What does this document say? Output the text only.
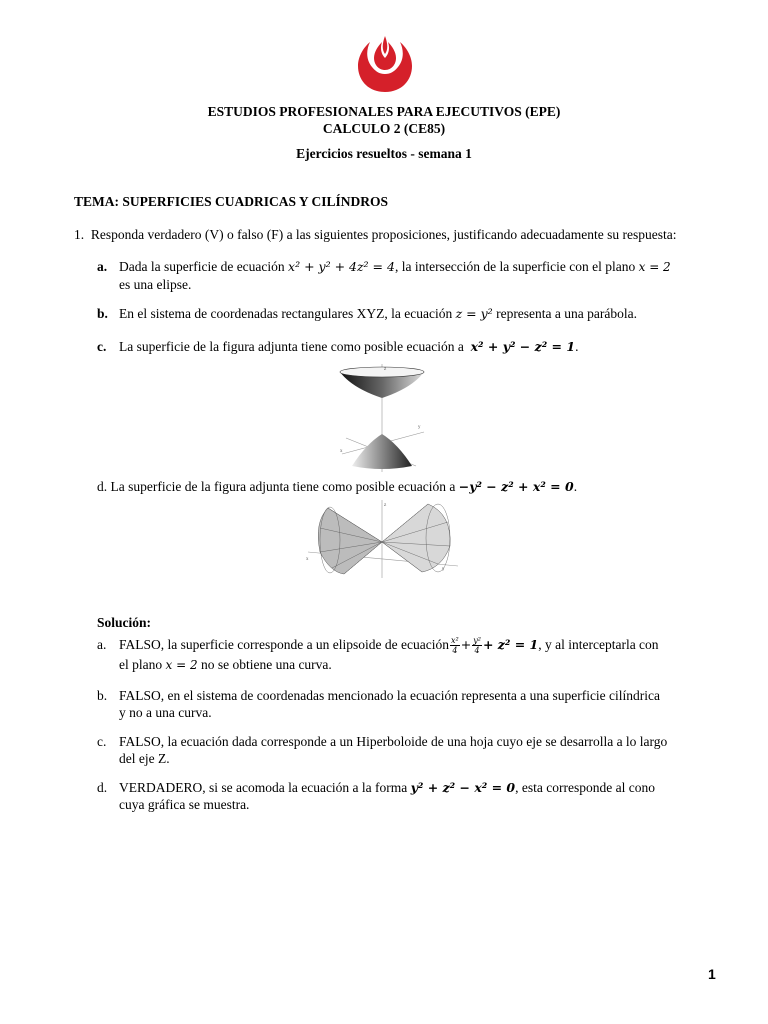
ESTUDIOS PROFESIONALES PARA EJECUTIVOS (EPE)
CALCULO 2 (CE85)
Ejercicios resueltos - semana 1
TEMA: SUPERFICIES CUADRICAS Y CILÍNDROS
1. Responda verdadero (V) o falso (F) a las siguientes proposiciones, justificando adecuadamente su respuesta:
a. Dada la superficie de ecuación x² + y² + 4z² = 4, la intersección de la superficie con el plano x = 2
es una elipse.
b. En el sistema de coordenadas rectangulares XYZ, la ecuación z = y² representa a una parábola.
c. La superficie de la figura adjunta tiene como posible ecuación a x² + y² − z² = 1.
z
y
x
d. La superficie de la figura adjunta tiene como posible ecuación a −y² − z² + x² = 0.
z
y
x
Solución:
a. FALSO, la superficie corresponde a un elipsoide de ecuación $\frac{\text{x²}}{4} + \frac{\text{y²}}{4} + z^2 = 1$, y al interceptarla con
el plano x = 2 no se obtiene una curva.
b. FALSO, en el sistema de coordenadas mencionado la ecuación representa a una superficie cilíndrica
y no a una curva.
c. FALSO, la ecuación dada corresponde a un Hiperboloide de una hoja cuyo eje se desarrolla a lo largo
del eje Z.
d. VERDADERO, si se acomoda la ecuación a la forma y² + z² − x² = 0, esta corresponde al cono
cuya gráfica se muestra.
1
